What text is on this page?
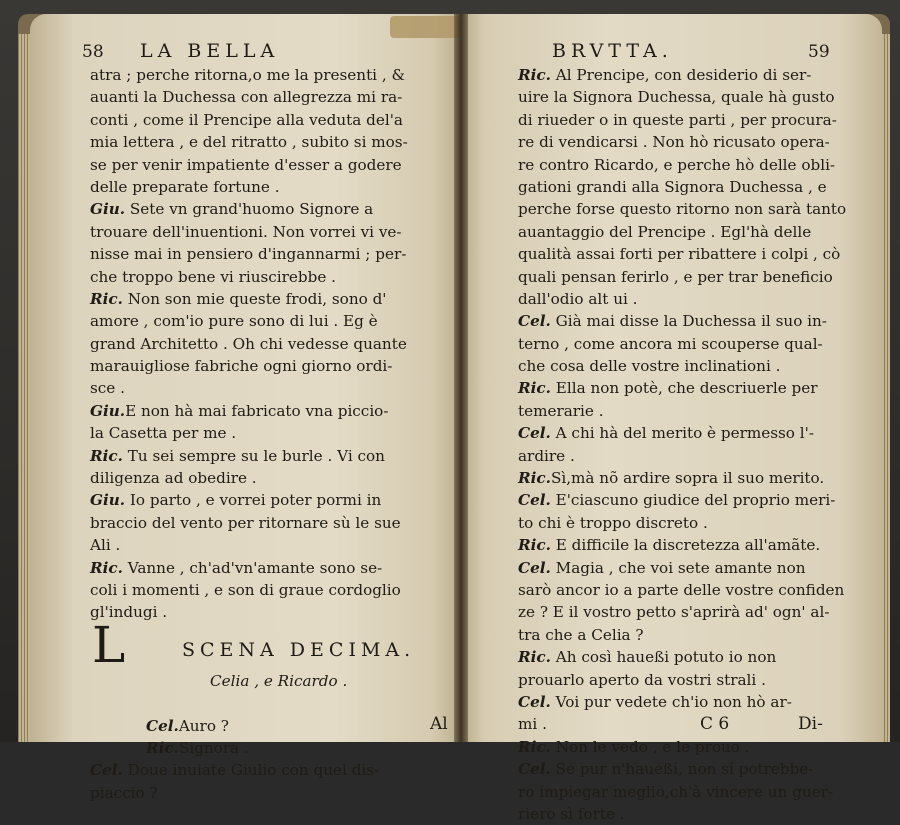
58 LA BELLA
atra ; perche ritorna,o me la presenti , &
auanti la Duchessa con allegrezza mi ra-
conti , come il Prencipe alla veduta del'a
mia lettera , e del ritratto , subito si mos-
se per venir impatiente d'esser a godere
delle preparate fortune .
Giu. Sete vn grand'huomo Signore a
trouare dell'inuentioni. Non vorrei vi ve-
nisse mai in pensiero d'ingannarmi ; per-
che troppo bene vi riuscirebbe .
Ric. Non son mie queste frodi, sono d'
amore , com'io pure sono di lui . Eg è
grand Architetto . Oh chi vedesse quante
marauigliose fabriche ogni giorno ordi-
sce .
Giu.E non hà mai fabricato vna piccio-
la Casetta per me .
Ric. Tu sei sempre su le burle . Vi con
diligenza ad obedire .
Giu. Io parto , e vorrei poter pormi in
braccio del vento per ritornare sù le sue
Ali .
Ric. Vanne , ch'ad'vn'amante sono se-
coli i momenti , e son di graue cordoglio
gl'indugi .
SCENA DECIMA.
Celia , e Ricardo .
Cel.Auro ?
Ric.Signora .
Cel. Doue inuiate Giulio con quel dis-
piaccio ?
L
Al
BRVTTA.	59
Ric. Al Prencipe, con desiderio di ser-
uire la Signora Duchessa, quale hà gusto
di riueder o in queste parti , per procura-
re di vendicarsi . Non hò ricusato opera-
re contro Ricardo, e perche hò delle obli-
gationi grandi alla Signora Duchessa , e
perche forse questo ritorno non sarà tanto
auantaggio del Prencipe . Egl'hà delle
qualità assai forti per ribattere i colpi , cò
quali pensan ferirlo , e per trar beneficio
dall'odio alt ui .
Cel. Già mai disse la Duchessa il suo in-
terno , come ancora mi scouperse qual-
che cosa delle vostre inclinationi .
Ric. Ella non potè, che descriuerle per
temerarie .
Cel. A chi hà del merito è permesso l'-
ardire .
Ric.Sì,mà nõ ardire sopra il suo merito.
Cel. E'ciascuno giudice del proprio meri-
to chi è troppo discreto .
Ric. E difficile la discretezza all'amãte.
Cel. Magia , che voi sete amante non
sarò ancor io a parte delle vostre confiden
ze ? E il vostro petto s'aprirà ad' ogn' al-
tra che a Celia ?
Ric. Ah così haueßi potuto io non
prouarlo aperto da vostri strali .
Cel. Voi pur vedete ch'io non hò ar-
mi .
Ric. Non le vedo , e le prouo .
Cel. Se pur n'haueßi, non si potrebbe-
ro impiegar meglio,ch'à vincere un guer-
riero sì forte .
C 6	Di-
